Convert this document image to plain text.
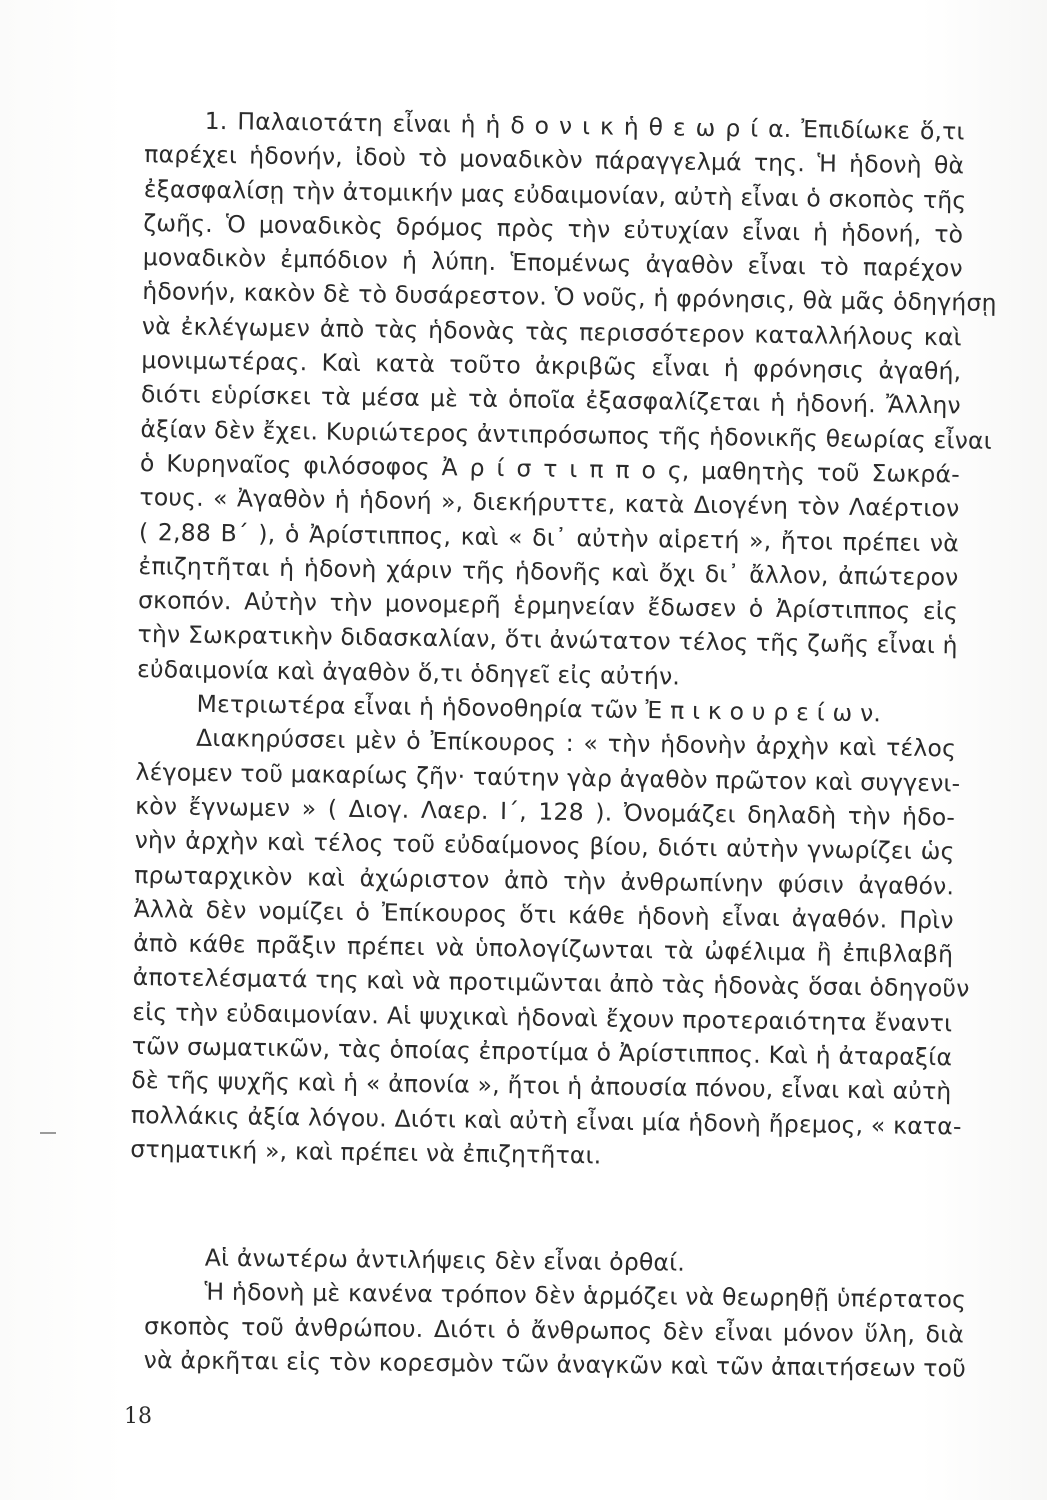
1. Παλαιοτάτη εἶναι ἡ ἡ δ ο ν ι κ ἡ θ ε ω ρ ί α. Ἐπιδίωκε ὅ,τι
παρέχει ἡδονήν, ἰδοὺ τὸ μοναδικὸν πάραγγελμά της. Ἡ ἡδονὴ θὰ
ἐξασφαλίσῃ τὴν ἀτομικήν μας εὐδαιμονίαν, αὐτὴ εἶναι ὁ σκοπὸς τῆς
ζωῆς. Ὁ μοναδικὸς δρόμος πρὸς τὴν εὐτυχίαν εἶναι ἡ ἡδονή, τὸ
μοναδικὸν ἐμπόδιον ἡ λύπη. Ἑπομένως ἀγαθὸν εἶναι τὸ παρέχον
ἡδονήν, κακὸν δὲ τὸ δυσάρεστον. Ὁ νοῦς, ἡ φρόνησις, θὰ μᾶς ὁδηγήσῃ
νὰ ἐκλέγωμεν ἀπὸ τὰς ἡδονὰς τὰς περισσότερον καταλλήλους καὶ
μονιμωτέρας. Καὶ κατὰ τοῦτο ἀκριβῶς εἶναι ἡ φρόνησις ἀγαθή,
διότι εὑρίσκει τὰ μέσα μὲ τὰ ὁποῖα ἐξασφαλίζεται ἡ ἡδονή. Ἄλλην
ἀξίαν δὲν ἔχει. Κυριώτερος ἀντιπρόσωπος τῆς ἡδονικῆς θεωρίας εἶναι
ὁ Κυρηναῖος φιλόσοφος Ἀ ρ ί σ τ ι π π ο ς, μαθητὴς τοῦ Σωκρά-
τους. « Ἀγαθὸν ἡ ἡδονή », διεκήρυττε, κατὰ Διογένη τὸν Λαέρτιον
( 2,88 Β΄ ), ὁ Ἀρίστιππος, καὶ « δι᾽ αὐτὴν αἱρετή », ἤτοι πρέπει νὰ
ἐπιζητῆται ἡ ἡδονὴ χάριν τῆς ἡδονῆς καὶ ὄχι δι᾽ ἄλλον, ἀπώτερον
σκοπόν. Αὐτὴν τὴν μονομερῆ ἑρμηνείαν ἔδωσεν ὁ Ἀρίστιππος εἰς
τὴν Σωκρατικὴν διδασκαλίαν, ὅτι ἀνώτατον τέλος τῆς ζωῆς εἶναι ἡ
εὐδαιμονία καὶ ἀγαθὸν ὅ,τι ὁδηγεῖ εἰς αὐτήν.
Μετριωτέρα εἶναι ἡ ἡδονοθηρία τῶν Ἐ π ι κ ο υ ρ ε ί ω ν.
Διακηρύσσει μὲν ὁ Ἐπίκουρος : « τὴν ἡδονὴν ἀρχὴν καὶ τέλος
λέγομεν τοῦ μακαρίως ζῆν· ταύτην γὰρ ἀγαθὸν πρῶτον καὶ συγγενι-
κὸν ἔγνωμεν » ( Διογ. Λαερ. Ι΄, 128 ). Ὀνομάζει δηλαδὴ τὴν ἡδο-
νὴν ἀρχὴν καὶ τέλος τοῦ εὐδαίμονος βίου, διότι αὐτὴν γνωρίζει ὡς
πρωταρχικὸν καὶ ἀχώριστον ἀπὸ τὴν ἀνθρωπίνην φύσιν ἀγαθόν.
Ἀλλὰ δὲν νομίζει ὁ Ἐπίκουρος ὅτι κάθε ἡδονὴ εἶναι ἀγαθόν. Πρὶν
ἀπὸ κάθε πρᾶξιν πρέπει νὰ ὑπολογίζωνται τὰ ὠφέλιμα ἢ ἐπιβλαβῆ
ἀποτελέσματά της καὶ νὰ προτιμῶνται ἀπὸ τὰς ἡδονὰς ὅσαι ὁδηγοῦν
εἰς τὴν εὐδαιμονίαν. Αἱ ψυχικαὶ ἡδοναὶ ἔχουν προτεραιότητα ἔναντι
τῶν σωματικῶν, τὰς ὁποίας ἐπροτίμα ὁ Ἀρίστιππος. Καὶ ἡ ἀταραξία
δὲ τῆς ψυχῆς καὶ ἡ « ἀπονία », ἤτοι ἡ ἀπουσία πόνου, εἶναι καὶ αὐτὴ
πολλάκις ἀξία λόγου. Διότι καὶ αὐτὴ εἶναι μία ἡδονὴ ἤρεμος, « κατα-
στηματική », καὶ πρέπει νὰ ἐπιζητῆται.
Αἱ ἀνωτέρω ἀντιλήψεις δὲν εἶναι ὀρθαί.
Ἡ ἡδονὴ μὲ κανένα τρόπον δὲν ἁρμόζει νὰ θεωρηθῇ ὑπέρτατος
σκοπὸς τοῦ ἀνθρώπου. Διότι ὁ ἄνθρωπος δὲν εἶναι μόνον ὕλη, διὰ
νὰ ἀρκῆται εἰς τὸν κορεσμὸν τῶν ἀναγκῶν καὶ τῶν ἀπαιτήσεων τοῦ
18
